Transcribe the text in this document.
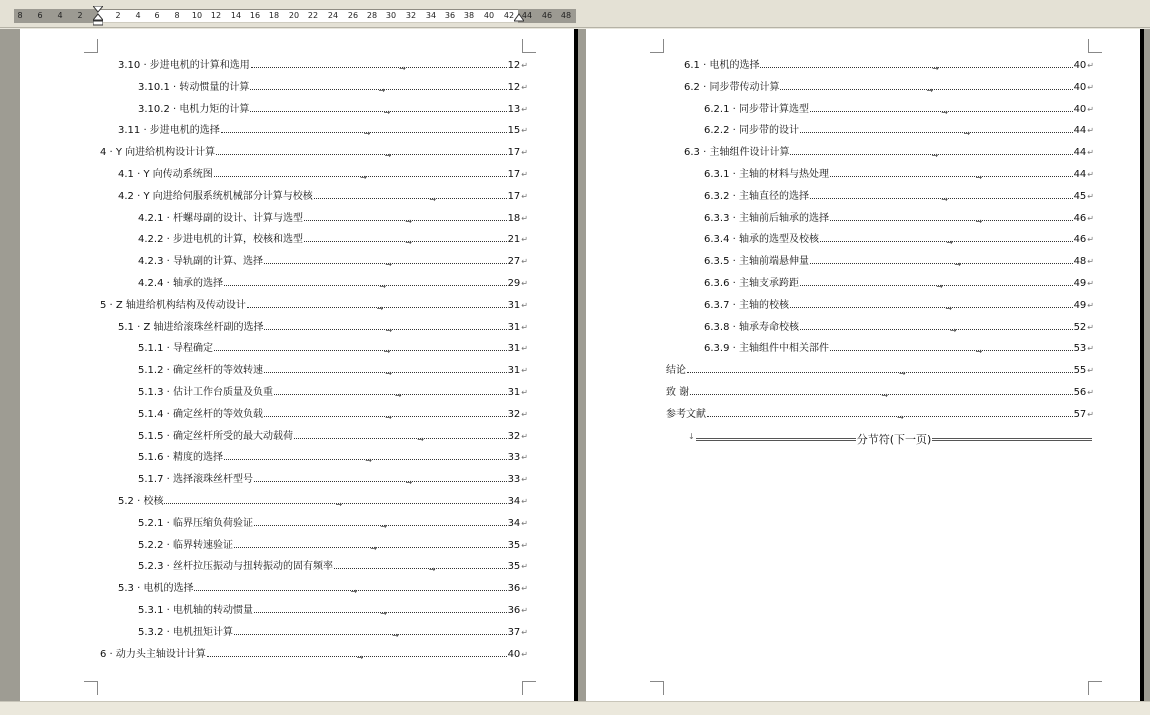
8 6 4 2	2 4 6 8 10 12 14 16 18 20 22 24 26 28 30 32 34 36 38 40 42 44 46 48
3.10 · 步进电机的计算和选用	→	12 ↵
3.10.1 · 转动惯量的计算	→	12 ↵
3.10.2 · 电机力矩的计算	→	13 ↵
3.11 · 步进电机的选择	→	15 ↵
4 · Y 向进给机构设计计算	→	17 ↵
4.1 · Y 向传动系统图	→	17 ↵
4.2 · Y 向进给伺服系统机械部分计算与校核	→	17 ↵
4.2.1 · 杆螺母副的设计、计算与选型	→	18 ↵
4.2.2 · 步进电机的计算，校核和选型	→	21 ↵
4.2.3 · 导轨副的计算、选择	→	27 ↵
4.2.4 · 轴承的选择	→	29 ↵
5 · Z 轴进给机构结构及传动设计	→	31 ↵
5.1 · Z 轴进给滚珠丝杆副的选择	→	31 ↵
5.1.1 · 导程确定	→	31 ↵
5.1.2 · 确定丝杆的等效转速	→	31 ↵
5.1.3 · 估计工作台质量及负重	→	31 ↵
5.1.4 · 确定丝杆的等效负载	→	32 ↵
5.1.5 · 确定丝杆所受的最大动载荷	→	32 ↵
5.1.6 · 精度的选择	→	33 ↵
5.1.7 · 选择滚珠丝杆型号	→	33 ↵
5.2 · 校核	→	34 ↵
5.2.1 · 临界压缩负荷验证	→	34 ↵
5.2.2 · 临界转速验证	→	35 ↵
5.2.3 · 丝杆拉压振动与扭转振动的固有频率	→	35 ↵
5.3 · 电机的选择	→	36 ↵
5.3.1 · 电机轴的转动惯量	→	36 ↵
5.3.2 · 电机扭矩计算	→	37 ↵
6 · 动力头主轴设计计算	→	40 ↵
6.1 · 电机的选择	→	40 ↵
6.2 · 同步带传动计算	→	40 ↵
6.2.1 · 同步带计算选型	→	40 ↵
6.2.2 · 同步带的设计	→	44 ↵
6.3 · 主轴组件设计计算	→	44 ↵
6.3.1 · 主轴的材料与热处理	→	44 ↵
6.3.2 · 主轴直径的选择	→	45 ↵
6.3.3 · 主轴前后轴承的选择	→	46 ↵
6.3.4 · 轴承的选型及校核	→	46 ↵
6.3.5 · 主轴前端悬伸量	→	48 ↵
6.3.6 · 主轴支承跨距	→	49 ↵
6.3.7 · 主轴的校核	→	49 ↵
6.3.8 · 轴承寿命校核	→	52 ↵
6.3.9 · 主轴组件中相关部件	→	53 ↵
结论	→	55 ↵
致 谢	→	56 ↵
参考文献	→	57 ↵
↓	分节符(下一页)
